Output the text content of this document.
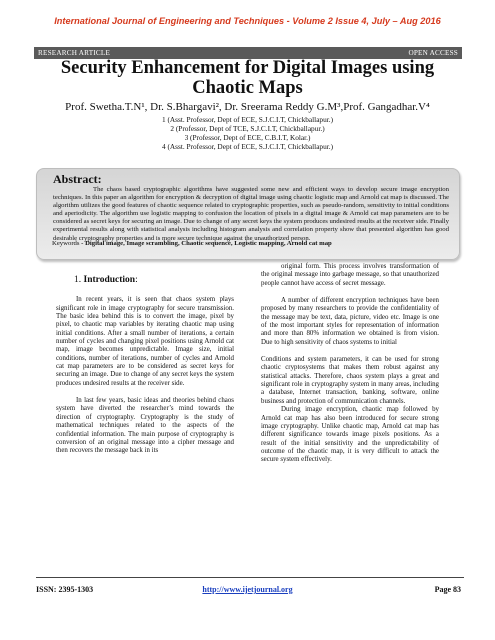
International Journal of Engineering and Techniques - Volume 2 Issue 4, July – Aug 2016
RESEARCH ARTICLE	OPEN ACCESS
Security Enhancement for Digital Images using
Chaotic Maps
Prof. Swetha.T.N¹, Dr. S.Bhargavi², Dr. Sreerama Reddy G.M³,Prof. Gangadhar.V⁴
1 (Asst. Professor, Dept of ECE, S.J.C.I.T, Chickballapur.)
2 (Professor, Dept of TCE, S.J.C.I.T, Chickballapur.)
3 (Professor, Dept of ECE, C.B.I.T, Kolar.)
4 (Asst. Professor, Dept of ECE, S.J.C.I.T, Chickballapur.)
Abstract:

The chaos based cryptographic algorithms have suggested some new and efficient ways to develop secure image encryption techniques. In this paper an algorithm for encryption & decryption of digital image using chaotic logistic map and Arnold cat map is discussed. The algorithm utilizes the good features of chaotic sequence related to cryptographic properties, such as pseudo-random, sensitivity to initial conditions and aperiodicity. The algorithm use logistic mapping to confusion the location of pixels in a digital image & Arnold cat map parameters are to be considered as secret keys for securing an image. Due to change of any secret keys the system produces undesired results at the receiver side. Finally experimental results along with statistical analysis including histogram analysis and correlation property show that presented algorithm has good desirable cryptography properties and is more secure technique against the unauthorized person.

Keywords - Digital image, Image scrambling, Chaotic sequence, Logistic mapping, Arnold cat map
1. Introduction:

In recent years, it is seen that chaos system plays significant role in image cryptography for secure transmission. The basic idea behind this is to convert the image, pixel by pixel, to chaotic map variables by iterating chaotic map using initial conditions. After a small number of iterations, a certain number of cycles and changing pixel positions using Arnold cat map, image becomes unpredictable. Image size, initial conditions, number of iterations, number of cycles and Arnold cat map parameters are to be considered as secret keys for securing an image. Due to change of any secret keys the system produces undesired results at the receiver side.

In last few years, basic ideas and theories behind chaos system have diverted the researcher’s mind towards the direction of cryptography. Cryptography is the study of mathematical techniques related to the aspects of the confidential information. The main purpose of cryptography is conversion of an original message into a cipher message and then recovers the message back in its

original form. This process involves transformation of the original message into garbage message, so that unauthorized people cannot have access of secret message.

A number of different encryption techniques have been proposed by many researchers to provide the confidentiality of the message may be text, data, picture, video etc. Image is one of the most important styles for representation of information and more than 80% information we obtained is from vision. Due to high sensitivity of chaos systems to initial

Conditions and system parameters, it can be used for strong chaotic cryptosystems that makes them robust against any statistical attacks. Therefore, chaos system plays a great and significant role in cryptography system in many areas, including a database, Internet transaction, banking, software, online business and protection of communication channels.

During image encryption, chaotic map followed by Arnold cat map has also been introduced for secure strong image cryptography. Unlike chaotic map, Arnold cat map has different significance towards image pixels positions. As a result of the initial sensitivity and the unpredictability of outcome of the chaotic map, it is very difficult to attack the secure system effectively.

ISSN: 2395-1303	http://www.ijetjournal.org	Page 83
